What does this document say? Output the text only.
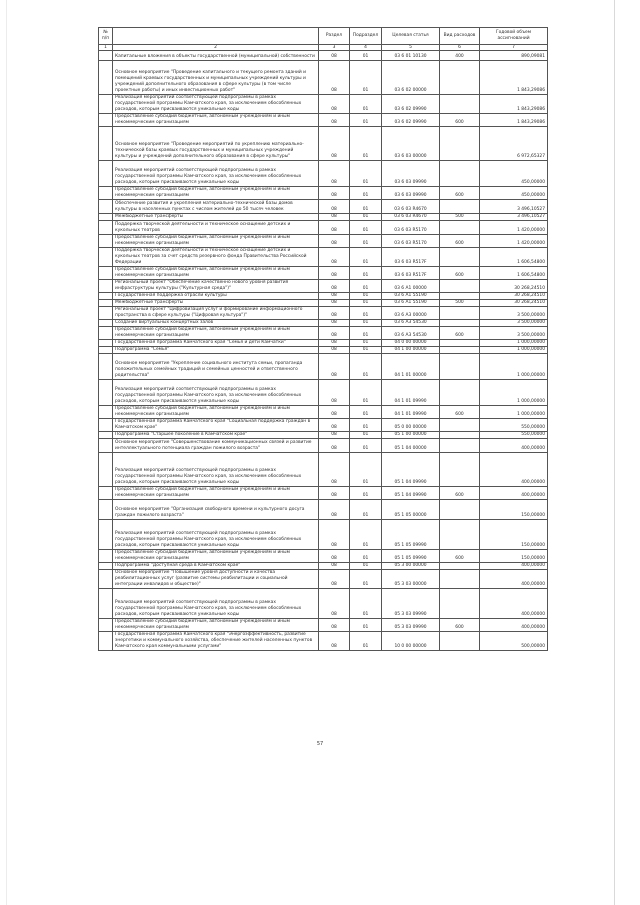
№ п/п		Раздел	Подраздел	Целевая статья	Вид расходов	Годовой объем ассигнований
1	2	3	4	5	6	7
	Капитальные вложения в объекты государственной (муниципальной) собственности	08	01	03 6 01 10130	400	890,09081
	Основное мероприятие "Проведение капитального и текущего ремонта зданий и помещений краевых государственных и муниципальных учреждений культуры и учреждений дополнительного образования в сфере культуры (в том числе проектные работы) и иных инвестиционных работ"	08	01	03 6 02 00000		1 843,29086
	Реализация мероприятий соответствующей подпрограммы в рамках государственной программы Камчатского края, за исключением обособленных расходов, которым присваиваются уникальные коды	08	01	03 6 02 09990		1 843,29086
	Предоставление субсидий бюджетным, автономным учреждениям и иным некоммерческим организациям	08	01	03 6 02 09990	600	1 843,29086
	Основное мероприятие "Проведение мероприятий по укреплению материально-технической базы краевых государственных и муниципальных учреждений культуры и учреждений дополнительного образования в сфере культуры"	08	01	03 6 03 00000		6 972,65327
	Реализация мероприятий соответствующей подпрограммы в рамках государственной программы Камчатского края, за исключением обособленных расходов, которым присваиваются уникальные коды	08	01	03 6 03 09990		450,00000
	Предоставление субсидий бюджетным, автономным учреждениям и иным некоммерческим организациям	08	01	03 6 03 09990	600	450,00000
	Обеспечение развития и укрепления материально-технической базы домов культуры в населенных пунктах с числом жителей до 50 тысяч человек	08	01	03 6 03 R4670		3 496,10527
	Межбюджетные трансферты	08	01	03 6 03 R4670	500	3 496,10527
	Поддержка творческой деятельности и техническое оснащение детских и кукольных театров	08	01	03 6 03 R5170		1 420,00000
	Предоставление субсидий бюджетным, автономным учреждениям и иным некоммерческим организациям	08	01	03 6 03 R5170	600	1 420,00000
	Поддержка творческой деятельности и техническое оснащение детских и кукольных театров за счет средств резервного фонда Правительства Российской Федерации	08	01	03 6 03 R517F		1 606,54800
	Предоставление субсидий бюджетным, автономным учреждениям и иным некоммерческим организациям	08	01	03 6 03 R517F	600	1 606,54800
	Региональный проект "Обеспечение качественно нового уровня развития инфраструктуры культуры ("Культурная среда")"	08	01	03 6 A1 00000		30 268,24510
	Государственная поддержка отрасли культуры	08	01	03 6 A1 55190		30 268,24510
	Межбюджетные трансферты	08	01	03 6 A1 55190	500	30 268,24510
	Региональный проект "Цифровизация услуг и формирование информационного пространства в сфере культуры ("Цифровая культура")"	08	01	03 6 A3 00000		3 500,00000
	Создание виртуальных концертных залов	08	01	03 6 A3 54530		3 500,00000
	Предоставление субсидий бюджетным, автономным учреждениям и иным некоммерческим организациям	08	01	03 6 A3 54530	600	3 500,00000
	Государственная программа Камчатского края "Семья и дети Камчатки"	08	01	04 0 00 00000		1 000,00000
	Подпрограмма "Семья"	08	01	04 1 00 00000		1 000,00000
	Основное мероприятие "Укрепление социального института семьи, пропаганда положительных семейных традиций и семейных ценностей и ответственного родительства"	08	01	04 1 01 00000		1 000,00000
	Реализация мероприятий соответствующей подпрограммы в рамках государственной программы Камчатского края, за исключением обособленных расходов, которым присваиваются уникальные коды	08	01	04 1 01 09990		1 000,00000
	Предоставление субсидий бюджетным, автономным учреждениям и иным некоммерческим организациям	08	01	04 1 01 09990	600	1 000,00000
	Государственная программа Камчатского края "Социальная поддержка граждан в Камчатском крае"	08	01	05 0 00 00000		550,00000
	Подпрограмма "Старшее поколение в Камчатском крае"	08	01	05 1 00 00000		550,00000
	Основное мероприятие "Совершенствование коммуникационных связей и развитие интеллектуального потенциала граждан пожилого возраста"	08	01	05 1 04 00000		400,00000
	Реализация мероприятий соответствующей подпрограммы в рамках государственной программы Камчатского края, за исключением обособленных расходов, которым присваиваются уникальные коды	08	01	05 1 04 09990		400,00000
	Предоставление субсидий бюджетным, автономным учреждениям и иным некоммерческим организациям	08	01	05 1 04 09990	600	400,00000
	Основное мероприятие "Организация свободного времени и культурного досуга граждан пожилого возраста"	08	01	05 1 05 00000		150,00000
	Реализация мероприятий соответствующей подпрограммы в рамках государственной программы Камчатского края, за исключением обособленных расходов, которым присваиваются уникальные коды	08	01	05 1 05 09990		150,00000
	Предоставление субсидий бюджетным, автономным учреждениям и иным некоммерческим организациям	08	01	05 1 05 09990	600	150,00000
	Подпрограмма "Доступная среда в Камчатском крае"	08	01	05 3 00 00000		400,00000
	Основное мероприятие "Повышение уровня доступности и качества реабилитационных услуг (развитие системы реабилитации и социальной интеграции инвалидов и обществе)"	08	01	05 3 03 00000		400,00000
	Реализация мероприятий соответствующей подпрограммы в рамках государственной программы Камчатского края, за исключением обособленных расходов, которым присваиваются уникальные коды	08	01	05 3 03 09990		400,00000
	Предоставление субсидий бюджетным, автономным учреждениям и иным некоммерческим организациям	08	01	05 3 03 09990	600	400,00000
	Государственная программа Камчатского края "Энергоэффективность, развитие энергетики и коммунального хозяйства, обеспечение жителей населенных пунктов Камчатского края коммунальными услугами"	08	01	10 0 00 00000		500,00000
57
